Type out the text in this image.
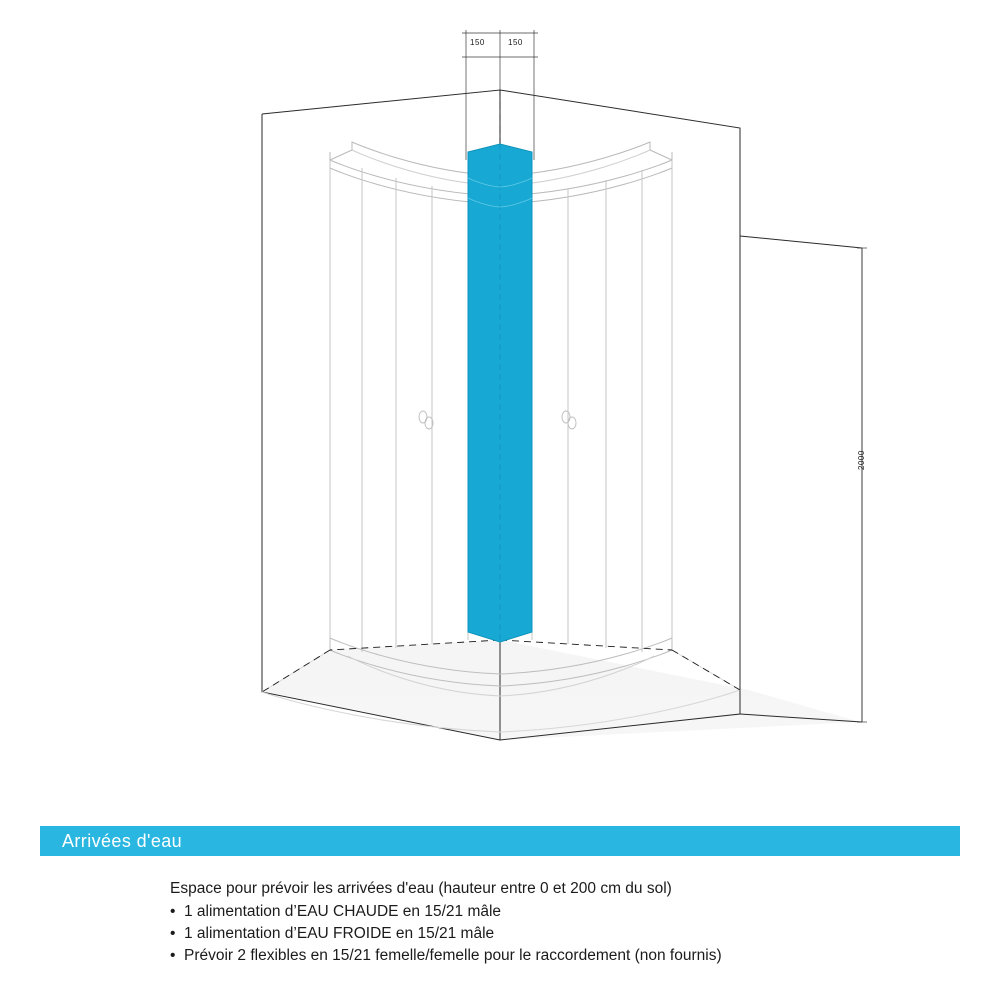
150	150
2000
Arrivées d'eau

Espace pour prévoir les arrivées d'eau (hauteur entre 0 et 200 cm du sol)

• 1 alimentation d’EAU CHAUDE en 15/21 mâle
• 1 alimentation d’EAU FROIDE en 15/21 mâle
• Prévoir 2 flexibles en 15/21 femelle/femelle pour le raccordement (non fournis)
